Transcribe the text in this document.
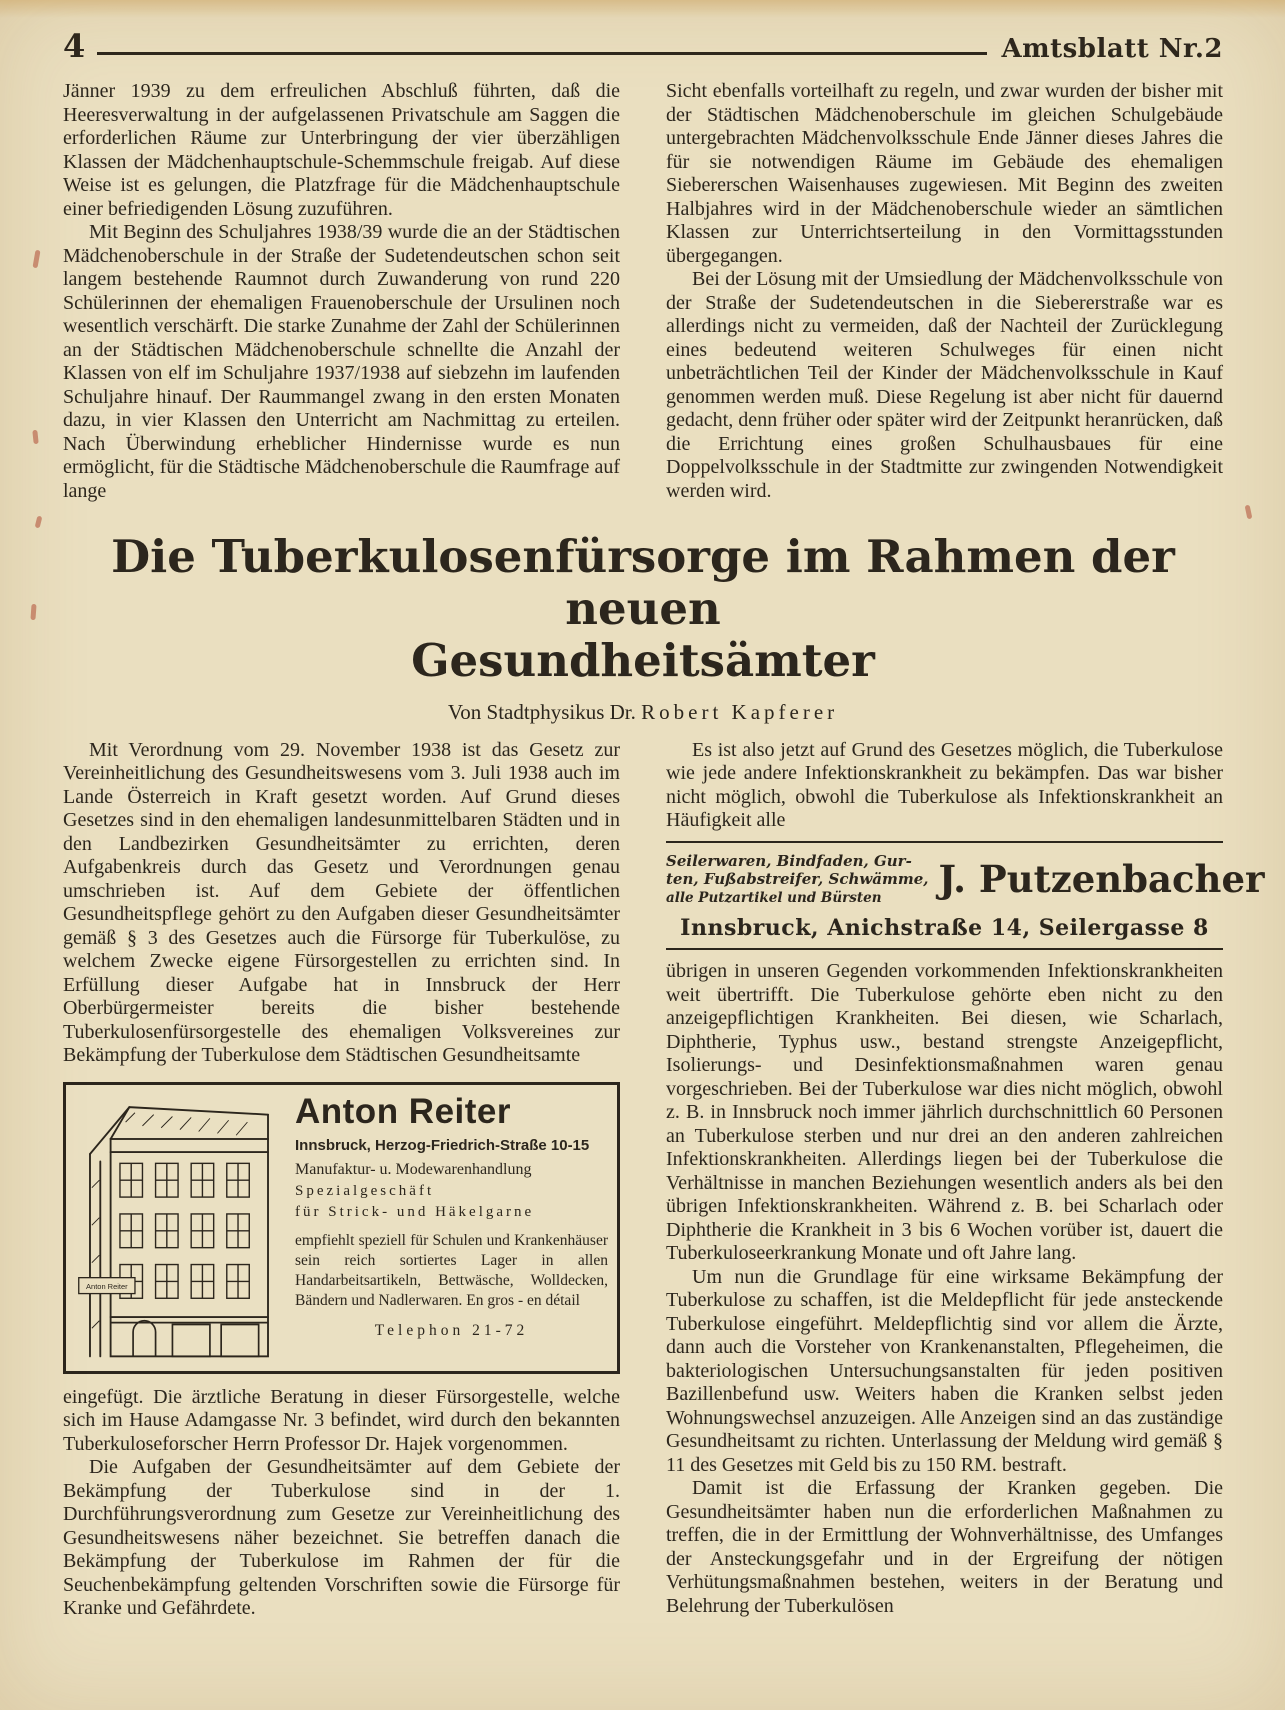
4	Amtsblatt Nr.2

Jänner 1939 zu dem erfreulichen Abschluß führten, daß die Heeresverwaltung in der aufgelassenen Privatschule am Saggen die erforderlichen Räume zur Unterbringung der vier überzähligen Klassen der Mädchenhauptschule-Schemmschule freigab. Auf diese Weise ist es gelungen, die Platzfrage für die Mädchenhauptschule einer befriedigenden Lösung zuzuführen.

Mit Beginn des Schuljahres 1938/39 wurde die an der Städtischen Mädchenoberschule in der Straße der Sudetendeutschen schon seit langem bestehende Raumnot durch Zuwanderung von rund 220 Schülerinnen der ehemaligen Frauenoberschule der Ursulinen noch wesentlich verschärft. Die starke Zunahme der Zahl der Schülerinnen an der Städtischen Mädchenoberschule schnellte die Anzahl der Klassen von elf im Schuljahre 1937/1938 auf siebzehn im laufenden Schuljahre hinauf. Der Raummangel zwang in den ersten Monaten dazu, in vier Klassen den Unterricht am Nachmittag zu erteilen. Nach Überwindung erheblicher Hindernisse wurde es nun ermöglicht, für die Städtische Mädchenoberschule die Raumfrage auf lange

Sicht ebenfalls vorteilhaft zu regeln, und zwar wurden der bisher mit der Städtischen Mädchenoberschule im gleichen Schulgebäude untergebrachten Mädchenvolksschule Ende Jänner dieses Jahres die für sie notwendigen Räume im Gebäude des ehemaligen Siebererschen Waisenhauses zugewiesen. Mit Beginn des zweiten Halbjahres wird in der Mädchenoberschule wieder an sämtlichen Klassen zur Unterrichtserteilung in den Vormittagsstunden übergegangen.

Bei der Lösung mit der Umsiedlung der Mädchenvolksschule von der Straße der Sudetendeutschen in die Siebererstraße war es allerdings nicht zu vermeiden, daß der Nachteil der Zurücklegung eines bedeutend weiteren Schulweges für einen nicht unbeträchtlichen Teil der Kinder der Mädchenvolksschule in Kauf genommen werden muß. Diese Regelung ist aber nicht für dauernd gedacht, denn früher oder später wird der Zeitpunkt heranrücken, daß die Errichtung eines großen Schulhausbaues für eine Doppelvolksschule in der Stadtmitte zur zwingenden Notwendigkeit werden wird.

Die Tuberkulosenfürsorge im Rahmen der neuen
Gesundheitsämter
Von Stadtphysikus Dr. Robert Kapferer

Mit Verordnung vom 29. November 1938 ist das Gesetz zur Vereinheitlichung des Gesundheitswesens vom 3. Juli 1938 auch im Lande Österreich in Kraft gesetzt worden. Auf Grund dieses Gesetzes sind in den ehemaligen landesunmittelbaren Städten und in den Landbezirken Gesundheitsämter zu errichten, deren Aufgabenkreis durch das Gesetz und Verordnungen genau umschrieben ist. Auf dem Gebiete der öffentlichen Gesundheitspflege gehört zu den Aufgaben dieser Gesundheitsämter gemäß § 3 des Gesetzes auch die Fürsorge für Tuberkulöse, zu welchem Zwecke eigene Fürsorgestellen zu errichten sind. In Erfüllung dieser Aufgabe hat in Innsbruck der Herr Oberbürgermeister bereits die bisher bestehende Tuberkulosenfürsorgestelle des ehemaligen Volksvereines zur Bekämpfung der Tuberkulose dem Städtischen Gesundheitsamte

Anton Reiter
Anton Reiter
Innsbruck, Herzog-Friedrich-Straße 10-15
Manufaktur- u. Modewarenhandlung
Spezialgeschäft
für Strick- und Häkelgarne
empfiehlt speziell für Schulen und Krankenhäuser sein reich sortiertes Lager in allen Handarbeitsartikeln, Bettwäsche, Wolldecken, Bändern und Nadlerwaren. En gros - en détail
Telephon 21-72

eingefügt. Die ärztliche Beratung in dieser Fürsorgestelle, welche sich im Hause Adamgasse Nr. 3 befindet, wird durch den bekannten Tuberkuloseforscher Herrn Professor Dr. Hajek vorgenommen.

Die Aufgaben der Gesundheitsämter auf dem Gebiete der Bekämpfung der Tuberkulose sind in der 1. Durchführungsverordnung zum Gesetze zur Vereinheitlichung des Gesundheitswesens näher bezeichnet. Sie betreffen danach die Bekämpfung der Tuberkulose im Rahmen der für die Seuchenbekämpfung geltenden Vorschriften sowie die Fürsorge für Kranke und Gefährdete.

Es ist also jetzt auf Grund des Gesetzes möglich, die Tuberkulose wie jede andere Infektionskrankheit zu bekämpfen. Das war bisher nicht möglich, obwohl die Tuberkulose als Infektionskrankheit an Häufigkeit alle

Seilerwaren, Bindfaden, Gur-
ten, Fußabstreifer, Schwämme,
alle Putzartikel und Bürsten	J. Putzenbacher
Innsbruck, Anichstraße 14, Seilergasse 8

übrigen in unseren Gegenden vorkommenden Infektionskrankheiten weit übertrifft. Die Tuberkulose gehörte eben nicht zu den anzeigepflichtigen Krankheiten. Bei diesen, wie Scharlach, Diphtherie, Typhus usw., bestand strengste Anzeigepflicht, Isolierungs- und Desinfektionsmaßnahmen waren genau vorgeschrieben. Bei der Tuberkulose war dies nicht möglich, obwohl z. B. in Innsbruck noch immer jährlich durchschnittlich 60 Personen an Tuberkulose sterben und nur drei an den anderen zahlreichen Infektionskrankheiten. Allerdings liegen bei der Tuberkulose die Verhältnisse in manchen Beziehungen wesentlich anders als bei den übrigen Infektionskrankheiten. Während z. B. bei Scharlach oder Diphtherie die Krankheit in 3 bis 6 Wochen vorüber ist, dauert die Tuberkuloseerkrankung Monate und oft Jahre lang.

Um nun die Grundlage für eine wirksame Bekämpfung der Tuberkulose zu schaffen, ist die Meldepflicht für jede ansteckende Tuberkulose eingeführt. Meldepflichtig sind vor allem die Ärzte, dann auch die Vorsteher von Krankenanstalten, Pflegeheimen, die bakteriologischen Untersuchungsanstalten für jeden positiven Bazillenbefund usw. Weiters haben die Kranken selbst jeden Wohnungswechsel anzuzeigen. Alle Anzeigen sind an das zuständige Gesundheitsamt zu richten. Unterlassung der Meldung wird gemäß § 11 des Gesetzes mit Geld bis zu 150 RM. bestraft.

Damit ist die Erfassung der Kranken gegeben. Die Gesundheitsämter haben nun die erforderlichen Maßnahmen zu treffen, die in der Ermittlung der Wohnverhältnisse, des Umfanges der Ansteckungsgefahr und in der Ergreifung der nötigen Verhütungsmaßnahmen bestehen, weiters in der Beratung und Belehrung der Tuberkulösen
